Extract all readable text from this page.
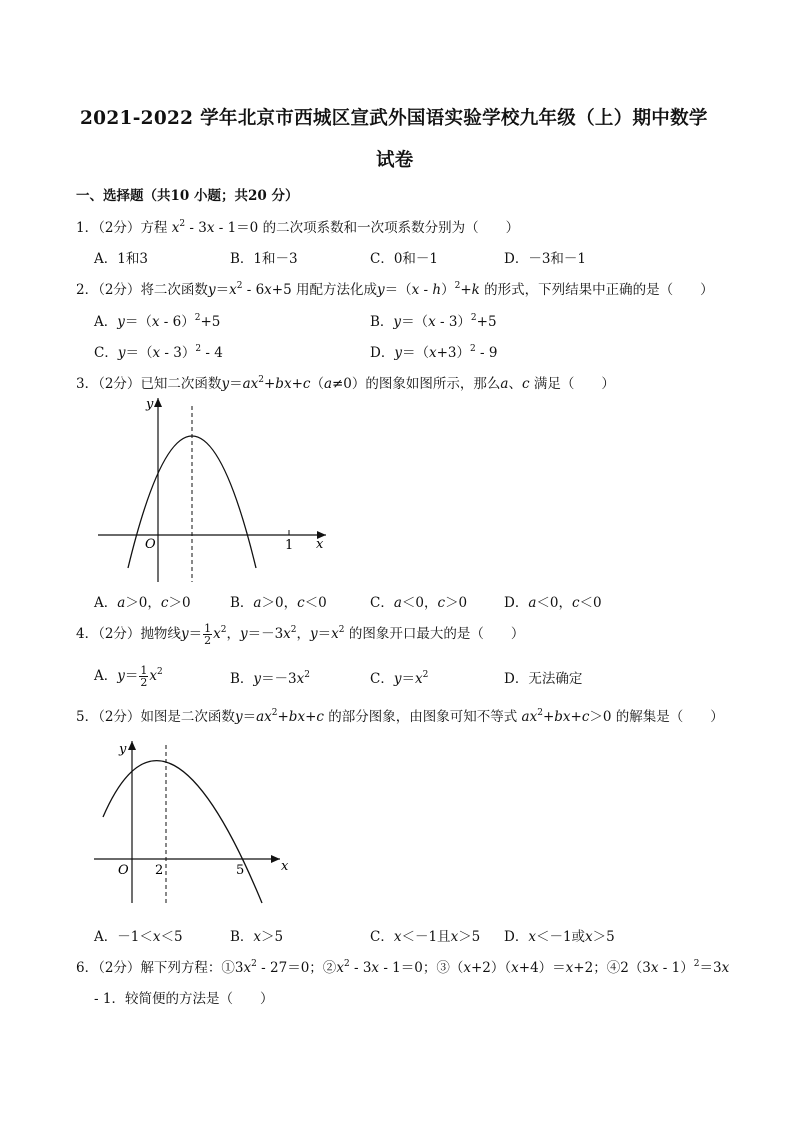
2021-2022 学年北京市西城区宣武外国语实验学校九年级（上）期中数学
试卷
一、选择题（共10 小题；共20 分）
1．（2分）方程 $x^2 - 3x - 1=0$ 的二次项系数和一次项系数分别为（　　）
A．1和3	B．1和－3	C．0和－1	D．－3和－1
2．（2分）将二次函数$y=x^2 - 6x+5$ 用配方法化成y＝（x - h）$^2$+k 的形式，下列结果中正确的是（　　）
A．y＝（x - 6）$^2$+5	B．y＝（x - 3）$^2$+5
C．y＝（x - 3）$^2$ - 4	D．$y=(x+3)^2 - 9$
3．（2分）已知二次函数$y=ax^2+bx+c(a\ne 0)$的图象如图所示，那么a、c 满足（　　）
y
x
O	1
A．a＞0，c＞0	B．a＞0，c＜0	C．a＜0，c＞0	D．a＜0，c＜0
4．（2分）抛物线$y= \frac{1}{2} x^2$，$y=-3x^2$，$y=x^2$ 的图象开口最大的是（　　）
A．$y= \frac{1}{2} x^2$	B．$y=-3x^2$	C．$y=x^2$	D．无法确定
5．（2分）如图是二次函数$y=ax^2+bx+c$ 的部分图象，由图象可知不等式 $ax^2+bx+c>0$ 的解集是（　　）
y
x
O 2	5
A．－1＜x＜5	B．x＞5	C．x＜－1且x＞5 D．x＜－1或x＞5
6．（2分）解下列方程：$①3x^2 - 27=0$；$②x^2 - 3x - 1=0$；③（x+2）（x+4）＝x+2；④2（3x - 1）$^2$＝3x
- 1．较简便的方法是（　　）
